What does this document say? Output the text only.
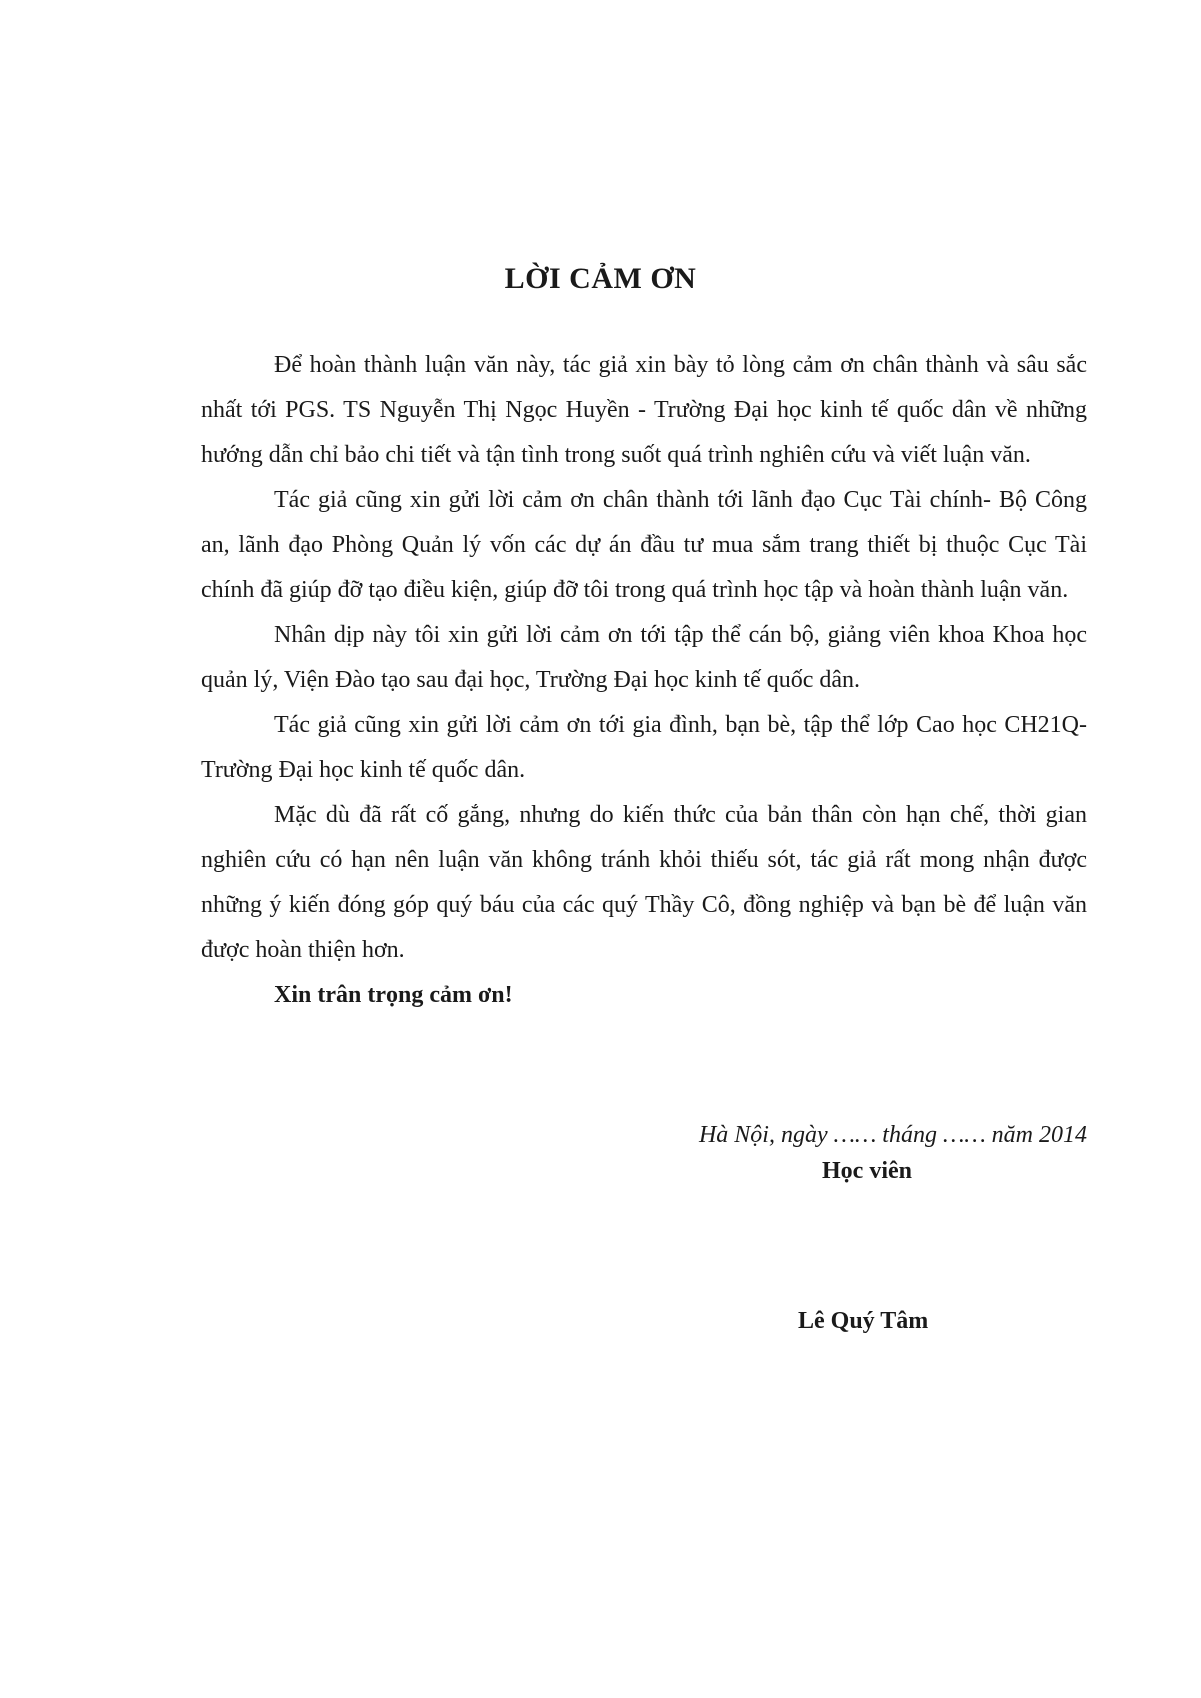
LỜI CẢM ƠN

Để hoàn thành luận văn này, tác giả xin bày tỏ lòng cảm ơn chân thành và sâu sắc nhất tới PGS. TS Nguyễn Thị Ngọc Huyền - Trường Đại học kinh tế quốc dân về những hướng dẫn chỉ bảo chi tiết và tận tình trong suốt quá trình nghiên cứu và viết luận văn.

Tác giả cũng xin gửi lời cảm ơn chân thành tới lãnh đạo Cục Tài chính- Bộ Công an, lãnh đạo Phòng Quản lý vốn các dự án đầu tư mua sắm trang thiết bị thuộc Cục Tài chính đã giúp đỡ tạo điều kiện, giúp đỡ tôi trong quá trình học tập và hoàn thành luận văn.

Nhân dịp này tôi xin gửi lời cảm ơn tới tập thể cán bộ, giảng viên khoa Khoa học quản lý, Viện Đào tạo sau đại học, Trường Đại học kinh tế quốc dân.

Tác giả cũng xin gửi lời cảm ơn tới gia đình, bạn bè, tập thể lớp Cao học CH21Q-Trường Đại học kinh tế quốc dân.

Mặc dù đã rất cố gắng, nhưng do kiến thức của bản thân còn hạn chế, thời gian nghiên cứu có hạn nên luận văn không tránh khỏi thiếu sót, tác giả rất mong nhận được những ý kiến đóng góp quý báu của các quý Thầy Cô, đồng nghiệp và bạn bè để luận văn được hoàn thiện hơn.

Xin trân trọng cảm ơn!

Hà Nội, ngày …… tháng …… năm 2014
Học viên
Lê Quý Tâm
